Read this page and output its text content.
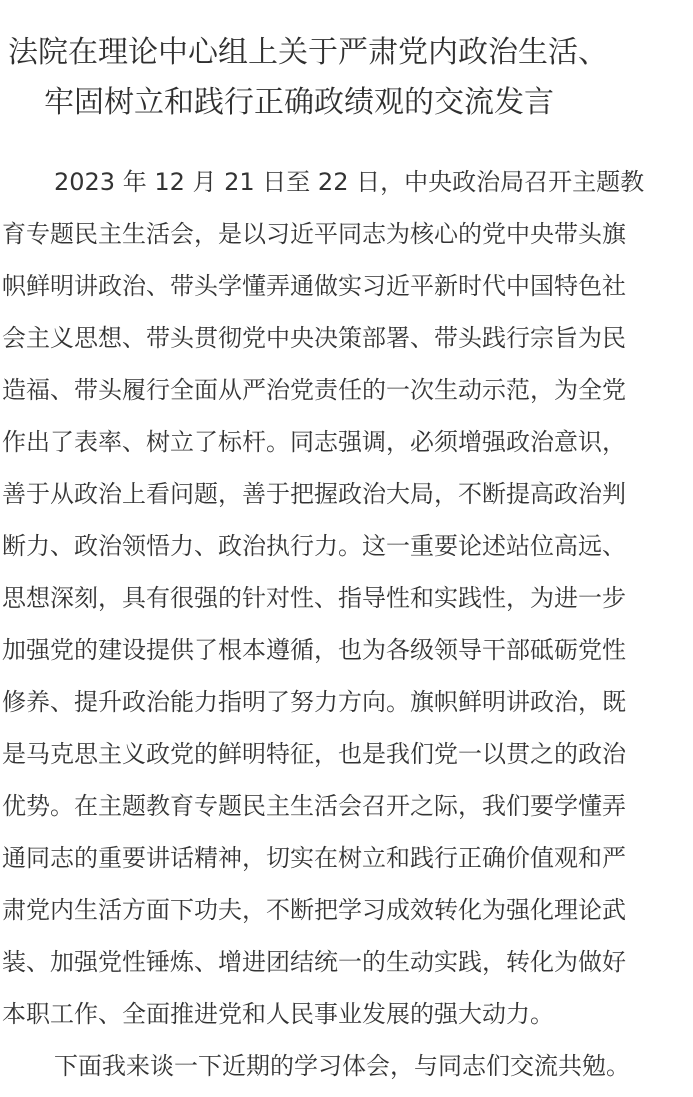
法院在理论中心组上关于严肃党内政治生活、
牢固树立和践行正确政绩观的交流发言
2023 年 12 月 21 日至 22 日，中央政治局召开主题教
育专题民主生活会，是以习近平同志为核心的党中央带头旗
帜鲜明讲政治、带头学懂弄通做实习近平新时代中国特色社
会主义思想、带头贯彻党中央决策部署、带头践行宗旨为民
造福、带头履行全面从严治党责任的一次生动示范，为全党
作出了表率、树立了标杆。同志强调，必须增强政治意识，
善于从政治上看问题，善于把握政治大局，不断提高政治判
断力、政治领悟力、政治执行力。这一重要论述站位高远、
思想深刻，具有很强的针对性、指导性和实践性，为进一步
加强党的建设提供了根本遵循，也为各级领导干部砥砺党性
修养、提升政治能力指明了努力方向。旗帜鲜明讲政治，既
是马克思主义政党的鲜明特征，也是我们党一以贯之的政治
优势。在主题教育专题民主生活会召开之际，我们要学懂弄
通同志的重要讲话精神，切实在树立和践行正确价值观和严
肃党内生活方面下功夫，不断把学习成效转化为强化理论武
装、加强党性锤炼、增进团结统一的生动实践，转化为做好
本职工作、全面推进党和人民事业发展的强大动力。
下面我来谈一下近期的学习体会，与同志们交流共勉。
